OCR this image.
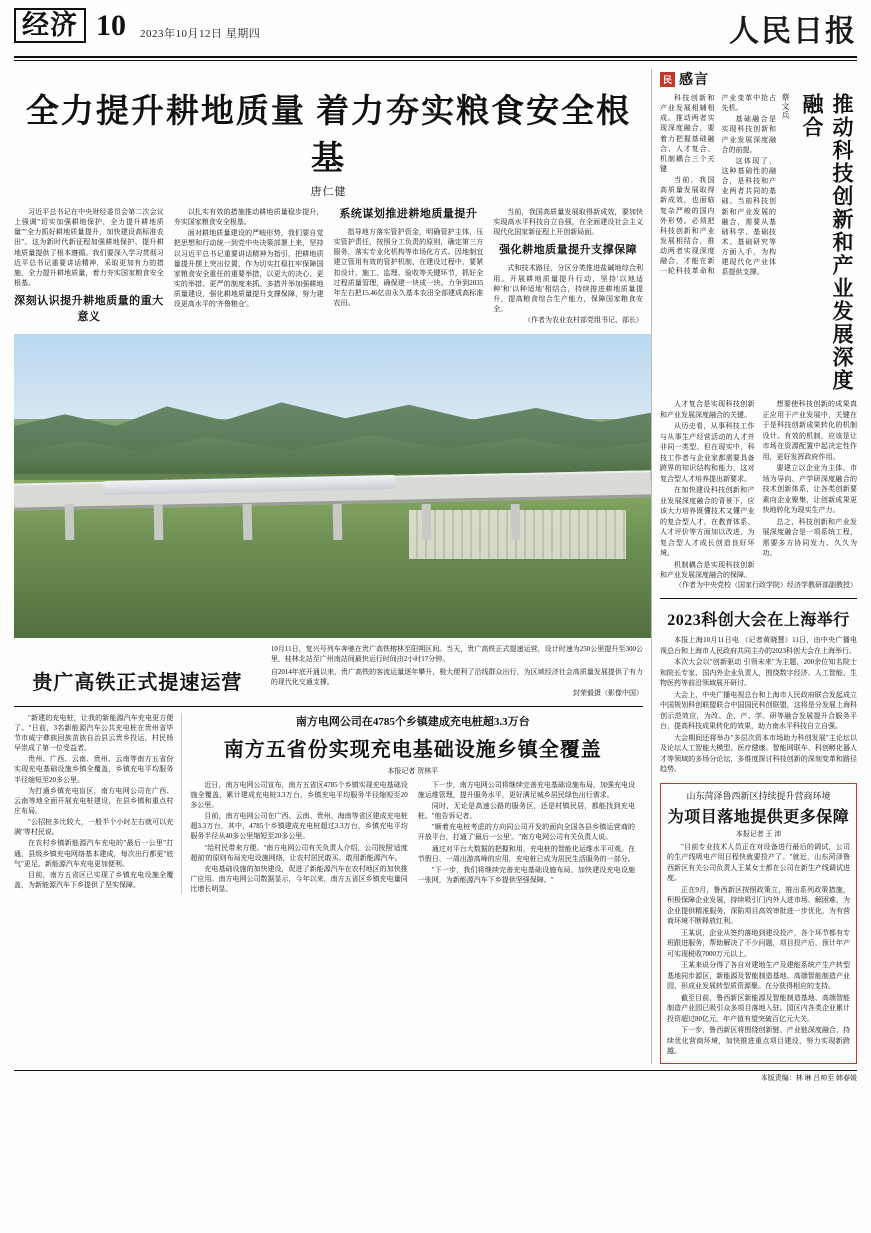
经济 10 2023年10月12日 星期四	人民日报
全力提升耕地质量 着力夯实粮食安全根基
唐仁健

习近平总书记在中央财经委员会第二次会议上强调"切实加强耕地保护，全力提升耕地质量""全力抓好耕地质量提升，加快建设高标准农田"。这为新时代新征程加强耕地保护、提升耕地质量提供了根本遵循。我们要深入学习贯彻习近平总书记重要讲话精神，采取更加有力的措施，全力提升耕地质量，着力夯实国家粮食安全根基。

深刻认识提升耕地质量的重大意义

以扎实有效的措施推动耕地质量稳步提升，夯实国家粮食安全根基。

面对耕地质量建设的严峻形势，我们要自觉把思想和行动统一到党中央决策部署上来，坚持以习近平总书记重要讲话精神为指引，把耕地质量提升摆上突出位置，作为切实扛稳扛牢保障国家粮食安全重任的重要举措，以更大的决心、更实的举措、更严的制度来抓。多措并举加强耕地质量建设，强化耕地质量提升支撑保障，努力建设更高水平的'齐鲁粮仓'。

系统谋划推进耕地质量提升

指导地方落实管护资金，明确管护主体，压实管护责任，按照分工负责的原则，确定第三方服务，落实专业化机构等市场化方式。因地制宜建立管用有效的管护机制，在建设过程中，要紧扣设计、施工、监理、验收等关键环节，抓好全过程质量管理，确保建一块成一块。力争到2035年左右把15.46亿亩永久基本农田全部建成高标准农田。

当前，我国高质量发展取得新成效，要加快实现高水平科技自立自强，在全面建设社会主义现代化国家新征程上开创新局面。

强化耕地质量提升支撑保障

式和技术路径，分区分类推进盐碱地综合利用。开展耕地质量提升行动，坚持'以地适种'和'以种适地'相结合，持续推进耕地质量提升，提高粮食综合生产能力，保障国家粮食安全。

（作者为农业农村部党组书记、部长）

贵广高铁正式提速运营
10月11日，复兴号列车奔驰在贵广高铁榕林至阳朔区间。当天，贵广高铁正式提速运营，设计时速为250公里提升至300公里，桂林北站至广州南站间最快运行时间由2小时17分钟。
自2014年底开通以来，贵广高铁的客流运量逐年攀升，极大便利了沿线群众出行，为区域经济社会高质量发展提供了有力的现代化交通支撑。
封荣毅摄（影像中国）

"新建的充电桩，让我的新能源汽车充电更方便了。"日前，3名新能源汽车公共充电桩在贵州省毕节市威宁彝族回族苗族自治县云贵乡投运，村民杨早崇成了第一位受益者。

贵州、广西、云南、贵州、云南等南方五省份实现充电基础设施乡镇全覆盖，乡镇充电平均服务半径缩短至20多公里。

为打通乡镇充电盲区，南方电网公司在广西、云南等地全面开展充电桩建设，在县乡镇和重点村庄布局。

"公招桩多比较大，一般半个小时左右就可以充满"等村民说。

在农村乡镇新能源汽车充电的"最后一公里"打通，县级乡镇充电网络基本建成，每次出行都更"底气"更足。新能源汽车充电更加便利。

目前，南方五省区已实现了乡镇充电设施全覆盖，为新能源汽车下乡提供了坚实保障。

南方电网公司在4785个乡镇建成充电桩超3.3万台
南方五省份实现充电基础设施乡镇全覆盖
本报记者 贺林平

近日，南方电网公司宣布，南方五省区4785个乡镇实现充电基础设施全覆盖，累计建成充电桩3.3万台，乡镇充电平均服务半径缩短至20多公里。

目前，南方电网公司在广西、云南、贵州、海南等省区建成充电桩超3.3万台，其中，4785个乡镇建成充电桩超过3.3万台，乡镇充电平均服务半径从40多公里缩短至20多公里。

"给村民带来方便。"南方电网公司有关负责人介绍，公司按照'适度超前'的原则布局充电设施网络，让农村居民敢买、敢用新能源汽车。

充电基础设施的加快建设，促进了新能源汽车在农村地区的加快推广应用。南方电网公司数据显示，今年以来，南方五省区乡镇充电量同比增长明显。

下一步，南方电网公司将继续完善充电基础设施布局，加强充电设施运维管理，提升服务水平，更好满足城乡居民绿色出行需求。

同时，无论是高速公路的服务区，还是村镇民居，都能找到充电桩。"他告诉记者。

"顺着充电桩考虑的方向同公司开发的面向全国各县乡镇运营商的开放平台，打通了'最后一公里'。"南方电网公司有关负责人说。

通过对平台大数据的把握和用，充电桩的智能化运维水平可观。在节假日、一周出游高峰的应用，充电桩已成为居民生活服务的一部分。

"下一步，我们将继续完善充电基础设施布局，加快建设充电设施一张网，为新能源汽车下乡提供坚强保障。"

民 感言

科技创新和产业发展相辅相成。推动两者实现深度融合，要着力把握基础融合、人才复合、机制耦合三个关键

当前，我国高质量发展取得新成效，也面临复杂严峻的国内外形势。必须把科技创新和产业发展相结合，推动两者实现深度融合，才能在新一轮科技革命和产业变革中抢占先机。

基础融合是实现科技创新和产业发展深度融合的前提。

这体现了，这种基础性的融合，是科技和产业两者共同的基础。当前科技创新和产业发展的融合，需要从基础科学、基础技术、基础研究等方面入手，为构建现代化产业体系提供支撑。

蔡文兵	推动科技创新和产业发展深度融合

人才复合是实现科技创新和产业发展深度融合的关键。

从历史看，从事科技工作与从事生产经营活动的人才并非同一类型。但在现实中，科技工作者与企业家都需要具备跨界的知识结构和能力，这对复合型人才培养提出新要求。

在加快建设科技创新和产业发展深度融合的背景下，应该大力培养既懂技术又懂产业的复合型人才，在教育体系、人才评价等方面加以改进，为复合型人才成长创造良好环境。

机制耦合是实现科技创新和产业发展深度融合的保障。

想要使科技创新的成果真正应用于产业发展中，关键在于是科技创新成果转化的机制设计。有效的机制，应该是让市场在资源配置中起决定性作用，更好发挥政府作用。

要建立以企业为主体、市场为导向、产学研深度融合的技术创新体系，让各类创新要素向企业聚集，让创新成果更快地转化为现实生产力。

总之，科技创新和产业发展深度融合是一项系统工程，需要多方协同发力、久久为功。

（作者为中央党校（国家行政学院）经济学教研部副教授）
2023科创大会在上海举行

本报上海10月11日电 （记者黄晓慧）11日，由中央广播电视总台和上海市人民政府共同主办的2023科创大会在上海举行。

本次大会以"创新驱动 引领未来"为主题，200余位知名院士和院长专家、国内外企业负责人，围绕数字经济、人工智能、生物医药等前沿领域展开研讨。

大会上，中央广播电视总台和上海市人民政府联合发起成立中国规划科创联盟联合中国国民科创联盟，这将是分发展上海科创示范效应，为改、企、产、学、研等融合发展提升合服务平台，提高科技成果转化的效果，助力南水平科技自立自强。

大会期间还将举办"多层次资本市场助力科创发展"主论坛以及论坛人工智能大模型、医疗健康、智能网联车、科创孵化器人才等领域的多场分论坛，多维度探讨科技创新的深刻变革和路径趋势。

山东菏泽鲁西新区持续提升营商环境
为项目落地提供更多保障
本报记者 王 沛

"目前专业技术人员正在对设备进行最后的调试，公司的生产线吸电产用日程快就要投产了。"就近，山东菏泽鲁西新区有关公司负责人王某女士都在公司在新生产线调试进度。

正在9月，鲁西新区按照政策立，推出系列政策措施，积极保障企业发展，持续吸引门内外人进市场、解困难，为企业提供精准服务，深陷项目高效审批进一步优化，为有营商环境不断释放红利。

王某说，企业从签约落地到建设投产，各个环节都有专班跟进服务，帮助解决了不少问题，项目投产后，预计年产可实现税收7000万元以上。

王某来说分得了各自对建地生产及建能系统产生产转型基地同步源区，新能源及智能制造基地、高端智能制造产业园，形成业发展转型质资源聚。在分获得相应的支持。

截至目前，鲁西新区新能源及智能制造基地、高端智能制造产业园已吸引众多项目落地入驻。园区内各类企业累计投资超过80亿元，年产值有望突破百亿元大关。

下一步，鲁西新区将围绕创新链、产业链深度融合，持续优化营商环境，加快推进重点项目建设，努力实现新跨越。

本版责编：林 琳 吕帅至 韩春媛
